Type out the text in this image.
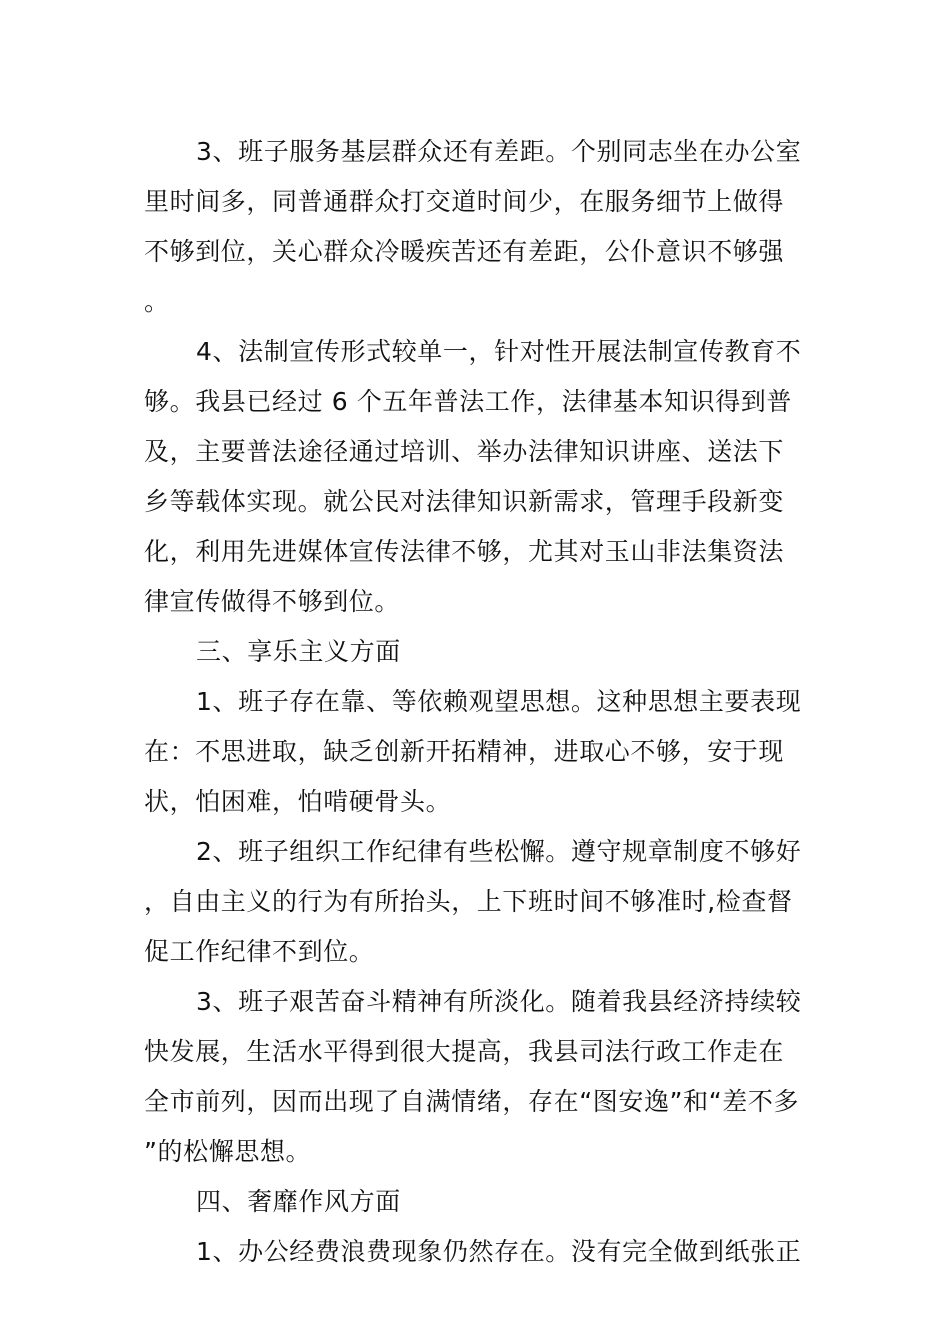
3、班子服务基层群众还有差距。个别同志坐在办公室里时间多，同普通群众打交道时间少，在服务细节上做得不够到位，关心群众冷暖疾苦还有差距，公仆意识不够强。

4、法制宣传形式较单一，针对性开展法制宣传教育不够。我县已经过 6 个五年普法工作，法律基本知识得到普及，主要普法途径通过培训、举办法律知识讲座、送法下乡等载体实现。就公民对法律知识新需求，管理手段新变化，利用先进媒体宣传法律不够，尤其对玉山非法集资法律宣传做得不够到位。

三、享乐主义方面

1、班子存在靠、等依赖观望思想。这种思想主要表现在：不思进取，缺乏创新开拓精神，进取心不够，安于现状，怕困难，怕啃硬骨头。

2、班子组织工作纪律有些松懈。遵守规章制度不够好，自由主义的行为有所抬头，上下班时间不够准时,检查督促工作纪律不到位。

3、班子艰苦奋斗精神有所淡化。随着我县经济持续较快发展，生活水平得到很大提高，我县司法行政工作走在全市前列，因而出现了自满情绪，存在“图安逸”和“差不多”的松懈思想。

四、奢靡作风方面

1、办公经费浪费现象仍然存在。没有完全做到纸张正
